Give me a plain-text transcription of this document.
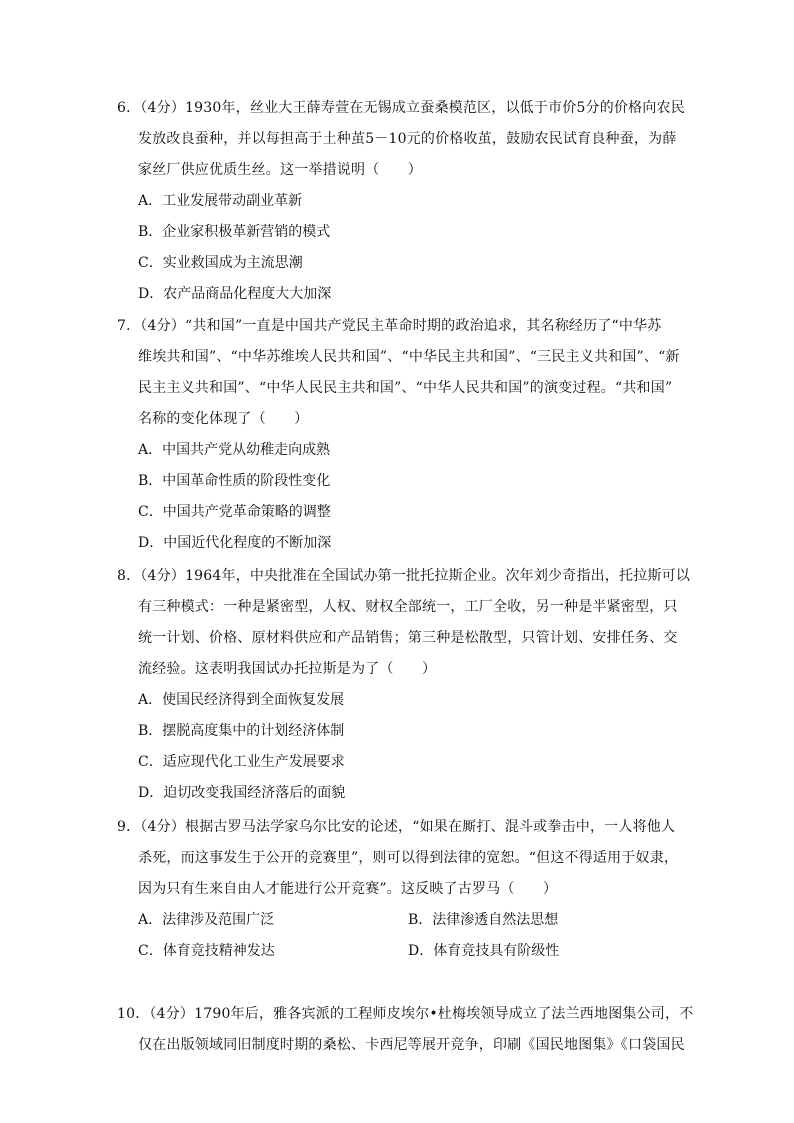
6．（4分）1930年，丝业大王薛寿萱在无锡成立蚕桑模范区，以低于市价5分的价格向农民
发放改良蚕种，并以每担高于土种茧5－10元的价格收茧，鼓励农民试育良种蚕，为薛
家丝厂供应优质生丝。这一举措说明（　　）
A．工业发展带动副业革新
B．企业家积极革新营销的模式
C．实业救国成为主流思潮
D．农产品商品化程度大大加深
7．（4分）“共和国”一直是中国共产党民主革命时期的政治追求，其名称经历了“中华苏
维埃共和国”、“中华苏维埃人民共和国”、“中华民主共和国”、“三民主义共和国”、“新
民主主义共和国”、“中华人民民主共和国”、“中华人民共和国”的演变过程。“共和国”
名称的变化体现了（　　）
A．中国共产党从幼稚走向成熟
B．中国革命性质的阶段性变化
C．中国共产党革命策略的调整
D．中国近代化程度的不断加深
8．（4分）1964年，中央批准在全国试办第一批托拉斯企业。次年刘少奇指出，托拉斯可以
有三种模式：一种是紧密型，人权、财权全部统一，工厂全收，另一种是半紧密型，只
统一计划、价格、原材料供应和产品销售；第三种是松散型，只管计划、安排任务、交
流经验。这表明我国试办托拉斯是为了（　　）
A．使国民经济得到全面恢复发展
B．摆脱高度集中的计划经济体制
C．适应现代化工业生产发展要求
D．迫切改变我国经济落后的面貌
9．（4分）根据古罗马法学家乌尔比安的论述，“如果在厮打、混斗或拳击中，一人将他人
杀死，而这事发生于公开的竞赛里”，则可以得到法律的宽恕。“但这不得适用于奴隶，
因为只有生来自由人才能进行公开竞赛”。这反映了古罗马（　　）
A．法律涉及范围广泛	B．法律渗透自然法思想
C．体育竞技精神发达	D．体育竞技具有阶级性
10．（4分）1790年后，雅各宾派的工程师皮埃尔•杜梅埃领导成立了法兰西地图集公司，不
仅在出版领域同旧制度时期的桑松、卡西尼等展开竞争，印刷《国民地图集》《口袋国民
